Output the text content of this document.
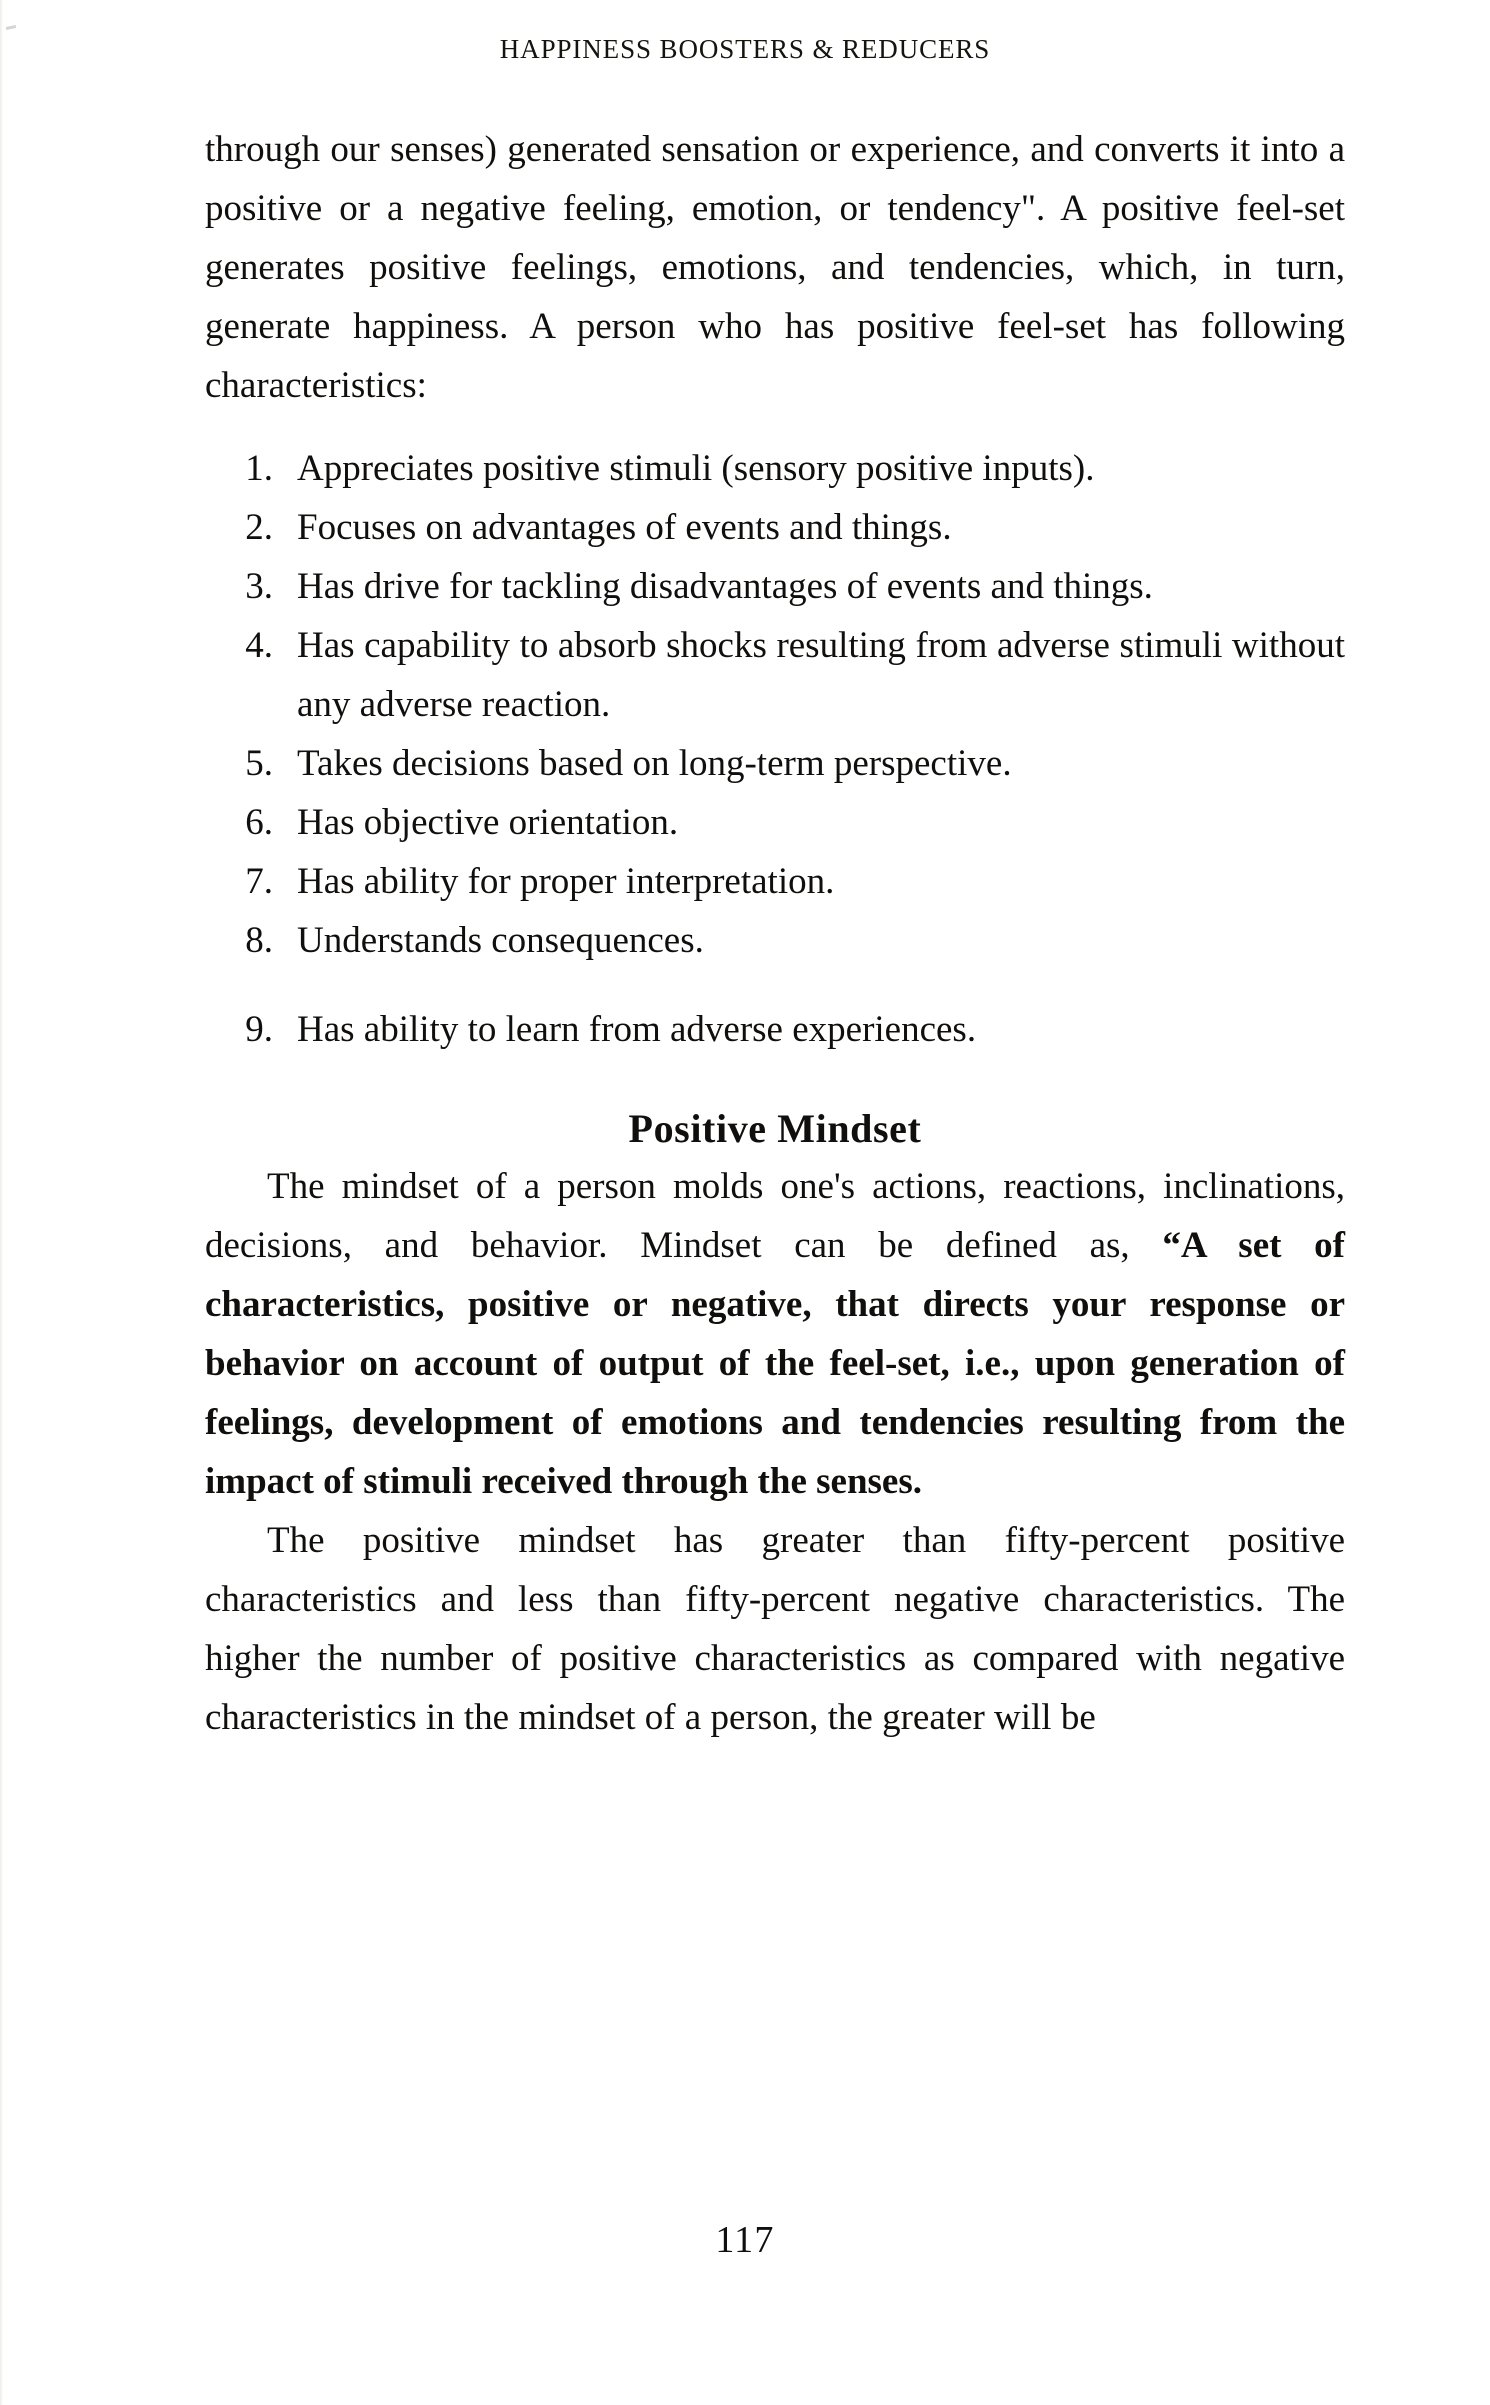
HAPPINESS BOOSTERS & REDUCERS

through our senses) generated sensation or experience, and converts it into a positive or a negative feeling, emotion, or tendency". A positive feel-set generates positive feelings, emotions, and tendencies, which, in turn, generate happiness. A person who has positive feel-set has following characteristics:

1. Appreciates positive stimuli (sensory positive inputs).
2. Focuses on advantages of events and things.
3. Has drive for tackling disadvantages of events and things.
4. Has capability to absorb shocks resulting from adverse stimuli without any adverse reaction.
5. Takes decisions based on long-term perspective.
6. Has objective orientation.
7. Has ability for proper interpretation.
8. Understands consequences.
9. Has ability to learn from adverse experiences.
Positive Mindset

The mindset of a person molds one's actions, reactions, inclinations, decisions, and behavior. Mindset can be defined as, “A set of characteristics, positive or negative, that directs your response or behavior on account of output of the feel-set, i.e., upon generation of feelings, development of emotions and tendencies resulting from the impact of stimuli received through the senses.

The positive mindset has greater than fifty-percent positive characteristics and less than fifty-percent negative characteristics. The higher the number of positive characteristics as compared with negative characteristics in the mindset of a person, the greater will be

117
